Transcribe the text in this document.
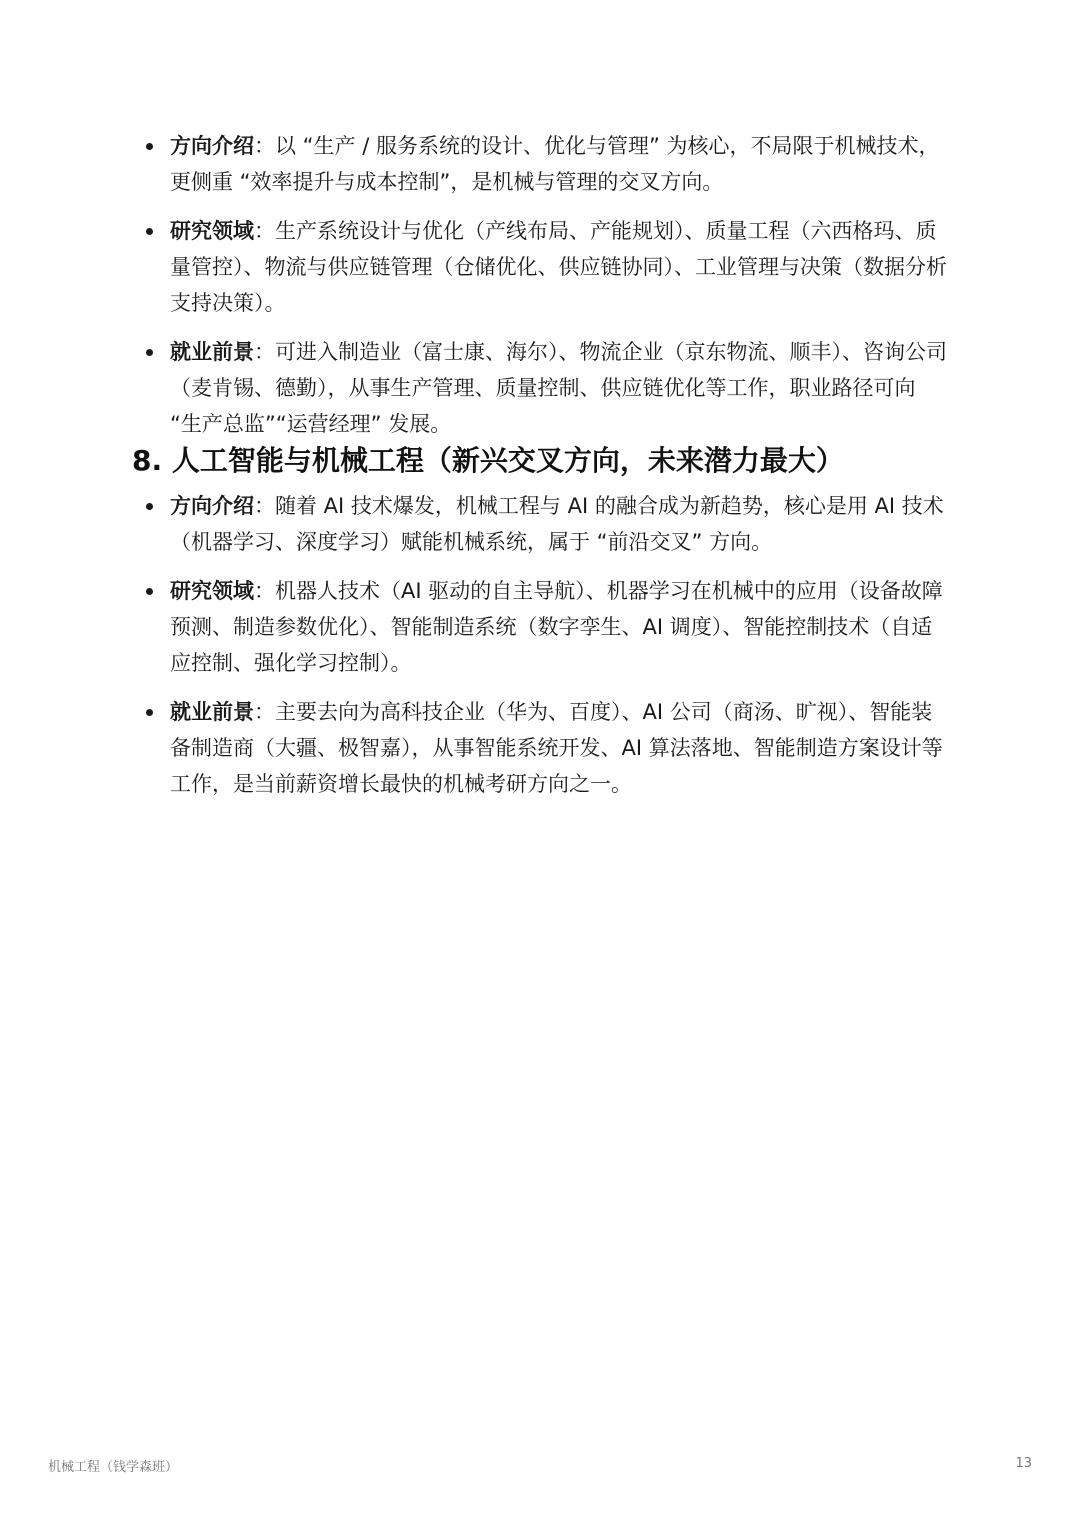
方向介绍：以 “生产 / 服务系统的设计、优化与管理” 为核心，不局限于机械技术，更侧重 “效率提升与成本控制”，是机械与管理的交叉方向。
研究领域：生产系统设计与优化（产线布局、产能规划）、质量工程（六西格玛、质量管控）、物流与供应链管理（仓储优化、供应链协同）、工业管理与决策（数据分析支持决策）。
就业前景：可进入制造业（富士康、海尔）、物流企业（京东物流、顺丰）、咨询公司（麦肯锡、德勤），从事生产管理、质量控制、供应链优化等工作，职业路径可向 “生产总监”“运营经理” 发展。
8. 人工智能与机械工程（新兴交叉方向，未来潜力最大）
方向介绍：随着 AI 技术爆发，机械工程与 AI 的融合成为新趋势，核心是用 AI 技术（机器学习、深度学习）赋能机械系统，属于 “前沿交叉” 方向。
研究领域：机器人技术（AI 驱动的自主导航）、机器学习在机械中的应用（设备故障预测、制造参数优化）、智能制造系统（数字孪生、AI 调度）、智能控制技术（自适应控制、强化学习控制）。
就业前景：主要去向为高科技企业（华为、百度）、AI 公司（商汤、旷视）、智能装备制造商（大疆、极智嘉），从事智能系统开发、AI 算法落地、智能制造方案设计等工作，是当前薪资增长最快的机械考研方向之一。
机械工程（钱学森班）	13
